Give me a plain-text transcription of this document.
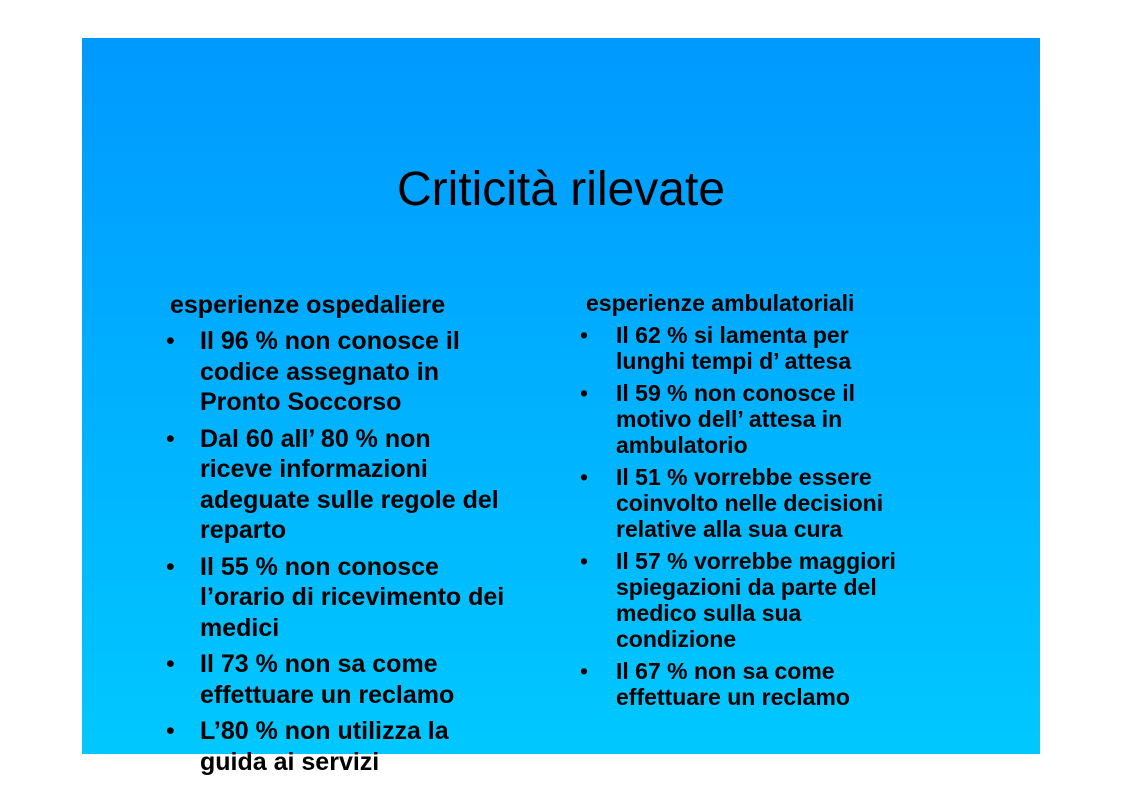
Criticità rilevate
esperienze ospedaliere
• Il 96 % non conosce il
codice assegnato in
Pronto Soccorso
• Dal 60 all’ 80 % non
riceve informazioni
adeguate sulle regole del
reparto
• Il 55 % non conosce
l’orario di ricevimento dei
medici
• Il 73 % non sa come
effettuare un reclamo
• L’80 % non utilizza la
guida ai servizi
esperienze ambulatoriali
• Il 62 % si lamenta per
lunghi tempi d’ attesa
• Il 59 % non conosce il
motivo dell’ attesa in
ambulatorio
• Il 51 % vorrebbe essere
coinvolto nelle decisioni
relative alla sua cura
• Il 57 % vorrebbe maggiori
spiegazioni da parte del
medico sulla sua
condizione
• Il 67 % non sa come
effettuare un reclamo
